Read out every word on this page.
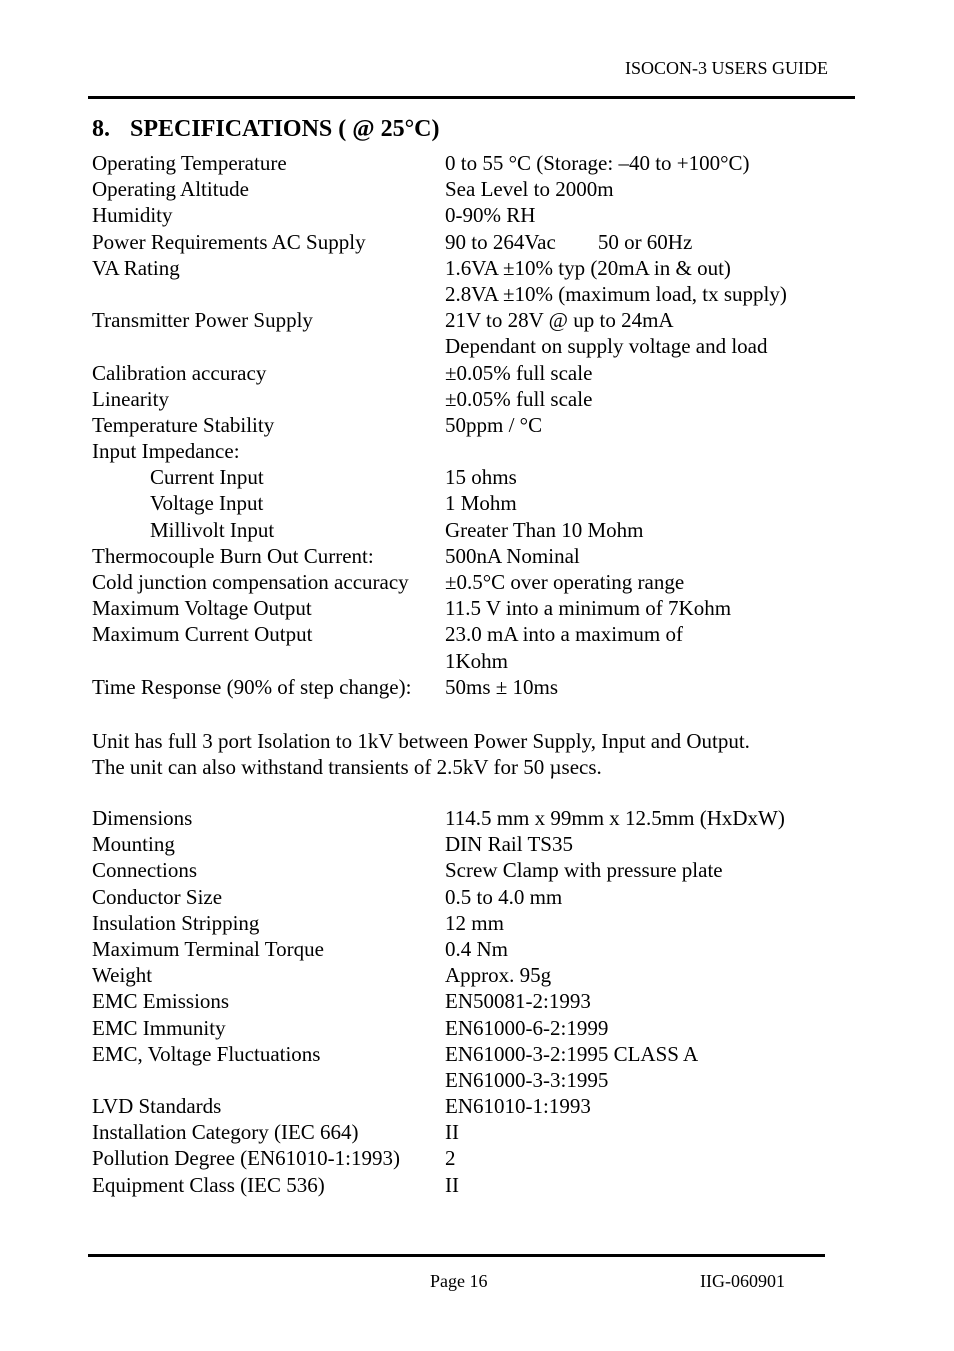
ISOCON-3 USERS GUIDE
8. SPECIFICATIONS ( @ 25°C)
Operating Temperature	0 to 55 °C (Storage: –40 to +100°C)
Operating Altitude	Sea Level to 2000m
Humidity	0-90% RH
Power Requirements AC Supply	90 to 264Vac        50 or 60Hz
VA Rating	1.6VA ±10% typ (20mA in & out)
2.8VA ±10% (maximum load, tx supply)
Transmitter Power Supply	21V to 28V @ up to 24mA
Dependant on supply voltage and load
Calibration accuracy	±0.05% full scale
Linearity	±0.05% full scale
Temperature Stability	50ppm / °C
Input Impedance:
Current Input	15 ohms
Voltage Input	1 Mohm
Millivolt Input	Greater Than 10 Mohm
Thermocouple Burn Out Current:	500nA Nominal
Cold junction compensation accuracy	±0.5°C over operating range
Maximum Voltage Output	11.5 V into a minimum of 7Kohm
Maximum Current Output	23.0 mA into a maximum of
1Kohm
Time Response (90% of step change):	50ms ± 10ms
Unit has full 3 port Isolation to 1kV between Power Supply, Input and Output.
The unit can also withstand transients of 2.5kV for 50 µsecs.
Dimensions	114.5 mm x 99mm x 12.5mm (HxDxW)
Mounting	DIN Rail TS35
Connections	Screw Clamp with pressure plate
Conductor Size	0.5 to 4.0 mm
Insulation Stripping	12 mm
Maximum Terminal Torque	0.4 Nm
Weight	Approx. 95g
EMC Emissions	EN50081-2:1993
EMC Immunity	EN61000-6-2:1999
EMC, Voltage Fluctuations	EN61000-3-2:1995 CLASS A
EN61000-3-3:1995
LVD Standards	EN61010-1:1993
Installation Category (IEC 664)	II
Pollution Degree (EN61010-1:1993)	2
Equipment Class (IEC 536)	II
Page 16	IIG-060901
